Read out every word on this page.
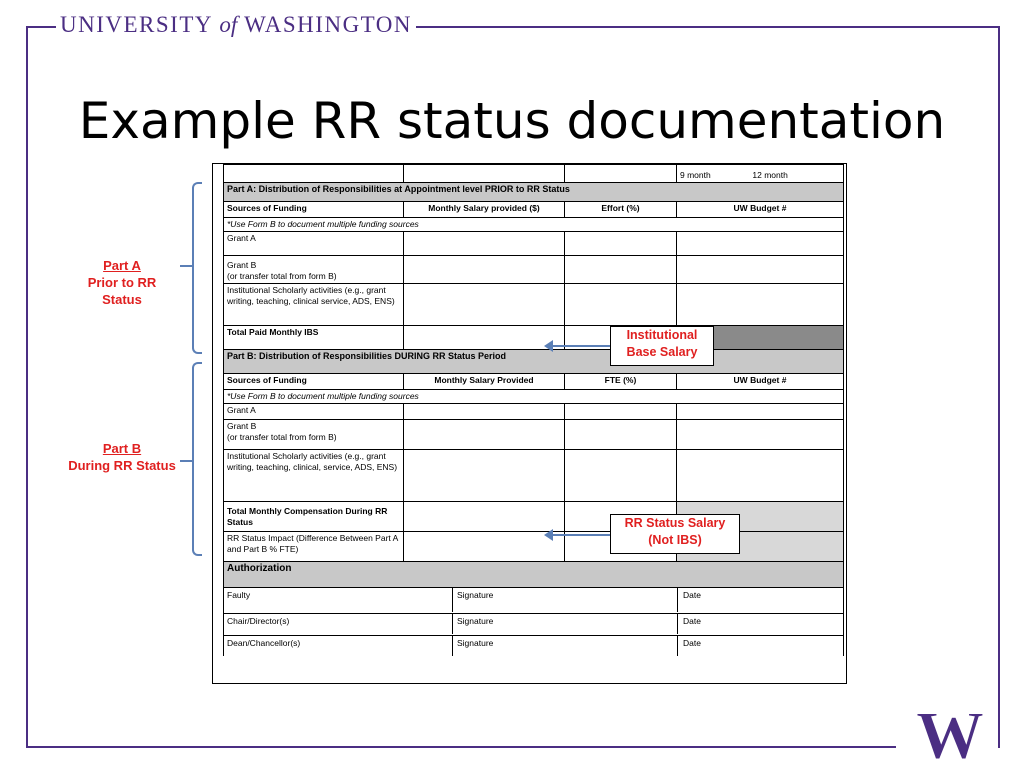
UNIVERSITY of WASHINGTON
Example RR status documentation
			9 month 12 month
Part A: Distribution of Responsibilities at Appointment level PRIOR to RR Status			
Sources of Funding	Monthly Salary provided ($)	Effort (%)	UW Budget #
*Use Form B to document multiple funding sources			
Grant A			
Grant B
(or transfer total from form B)			
Institutional Scholarly activities (e.g., grant writing, teaching, clinical service, ADS, ENS)			
Total Paid Monthly IBS			
Part B: Distribution of Responsibilities DURING RR Status Period			
Sources of Funding	Monthly Salary Provided	FTE (%)	UW Budget #
*Use Form B to document multiple funding sources			
Grant A			
Grant B
(or transfer total from form B)			
Institutional Scholarly activities (e.g., grant writing, teaching, clinical, service, ADS, ENS)			
Total Monthly Compensation During RR Status			
RR Status Impact (Difference Between Part A and Part B % FTE)			
Authorization			

Faulty Signature Date			

Chair/Director(s) Signature Date			

Dean/Chancellor(s) Signature Date			
Part A
Prior to RR Status
Part B
During RR Status
Institutional Base Salary
RR Status Salary (Not IBS)
W
